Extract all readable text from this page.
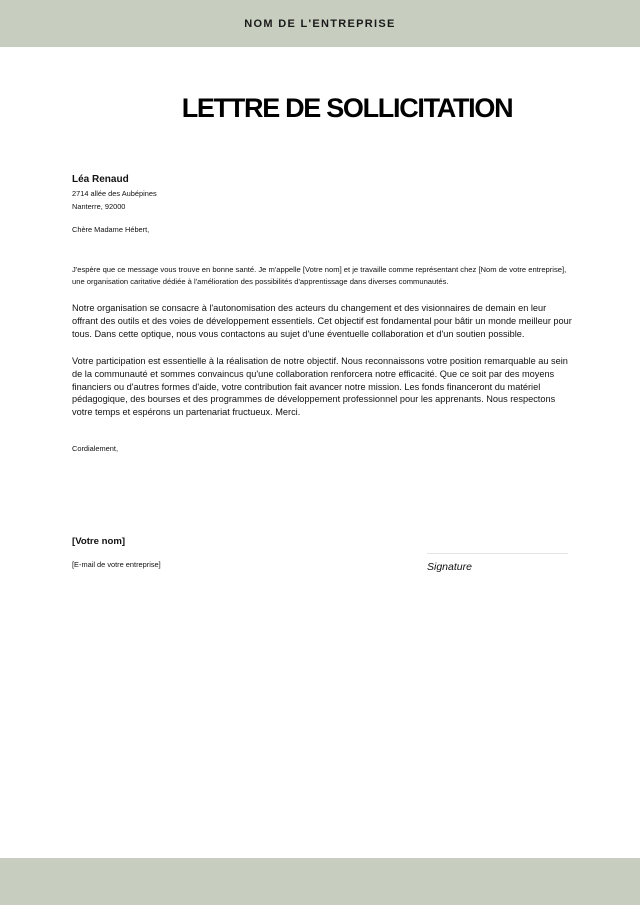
NOM DE L'ENTREPRISE
LETTRE DE SOLLICITATION

Léa Renaud

2714 allée des Aubépines

Nanterre, 92000

Chère Madame Hébert,

J'espère que ce message vous trouve en bonne santé. Je m'appelle [Votre nom] et je travaille comme représentant chez [Nom de votre entreprise], une organisation caritative dédiée à l'amélioration des possibilités d'apprentissage dans diverses communautés.

Notre organisation se consacre à l'autonomisation des acteurs du changement et des visionnaires de demain en leur offrant des outils et des voies de développement essentiels. Cet objectif est fondamental pour bâtir un monde meilleur pour tous. Dans cette optique, nous vous contactons au sujet d'une éventuelle collaboration et d'un soutien possible.

Votre participation est essentielle à la réalisation de notre objectif. Nous reconnaissons votre position remarquable au sein de la communauté et sommes convaincus qu'une collaboration renforcera notre efficacité. Que ce soit par des moyens financiers ou d'autres formes d'aide, votre contribution fait avancer notre mission. Les fonds financeront du matériel pédagogique, des bourses et des programmes de développement professionnel pour les apprenants. Nous respectons votre temps et espérons un partenariat fructueux. Merci.

Cordialement,

[Votre nom]

[E-mail de votre entreprise]	Signature
